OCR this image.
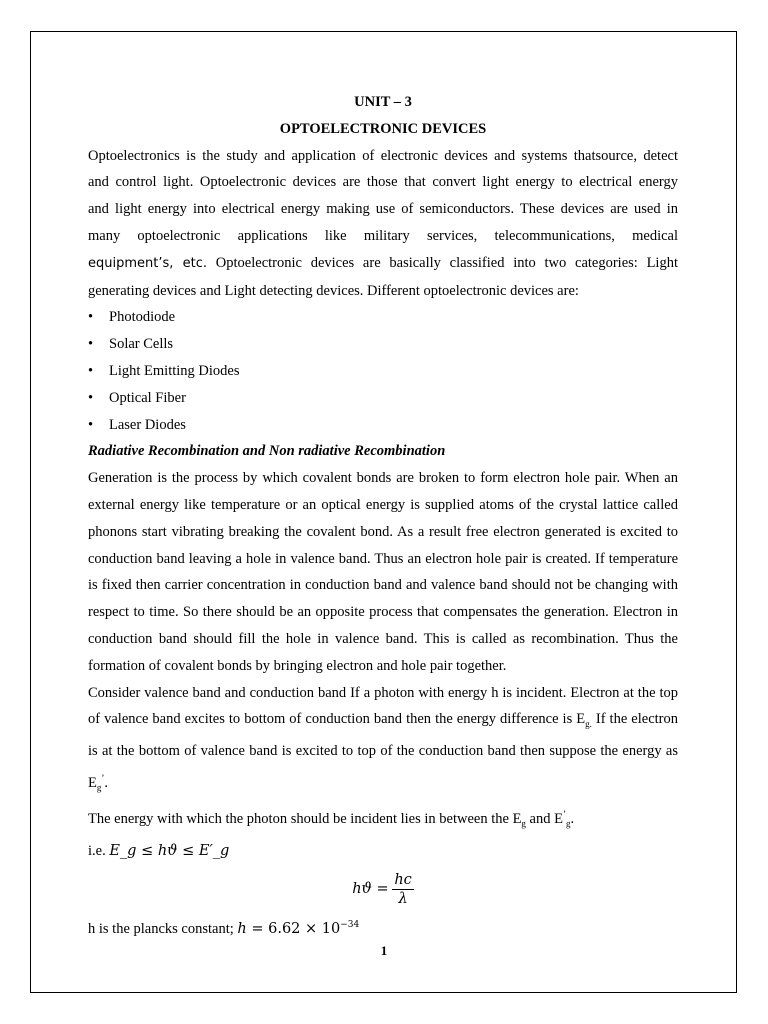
UNIT – 3
OPTOELECTRONIC DEVICES
Optoelectronics is the study and application of electronic devices and systems thatsource, detect
and control light. Optoelectronic devices are those that convert light energy to electrical energy
and light energy into electrical energy making use of semiconductors. These devices are used in
many optoelectronic applications like military services, telecommunications, medical
equipment’s, etc. Optoelectronic devices are basically classified into two categories: Light
generating devices and Light detecting devices. Different optoelectronic devices are:
• Photodiode
• Solar Cells
• Light Emitting Diodes
• Optical Fiber
• Laser Diodes
Radiative Recombination and Non radiative Recombination

Generation is the process by which covalent bonds are broken to form electron hole pair. When an external energy like temperature or an optical energy is supplied atoms of the crystal lattice called phonons start vibrating breaking the covalent bond. As a result free electron generated is excited to conduction band leaving a hole in valence band. Thus an electron hole pair is created. If temperature is fixed then carrier concentration in conduction band and valence band should not be changing with respect to time. So there should be an opposite process that compensates the generation. Electron in conduction band should fill the hole in valence band. This is called as recombination. Thus the formation of covalent bonds by bringing electron and hole pair together.

Consider valence band and conduction band If a photon with energy h is incident. Electron at the top of valence band excites to bottom of conduction band then the energy difference is $E_{g.}$ If the electron is at the bottom of valence band is excited to top of the conduction band then suppose the energy as $E_g^’$.

The energy with which the photon should be incident lies in between the $E_g$ and $E^’_g$.
i.e. E_g ≤ hϑ ≤ E′_g
$hϑ = \frac{hc}{\lambda}$
h is the plancks constant; $h = 6.62 \times 10^{-34}$
1
